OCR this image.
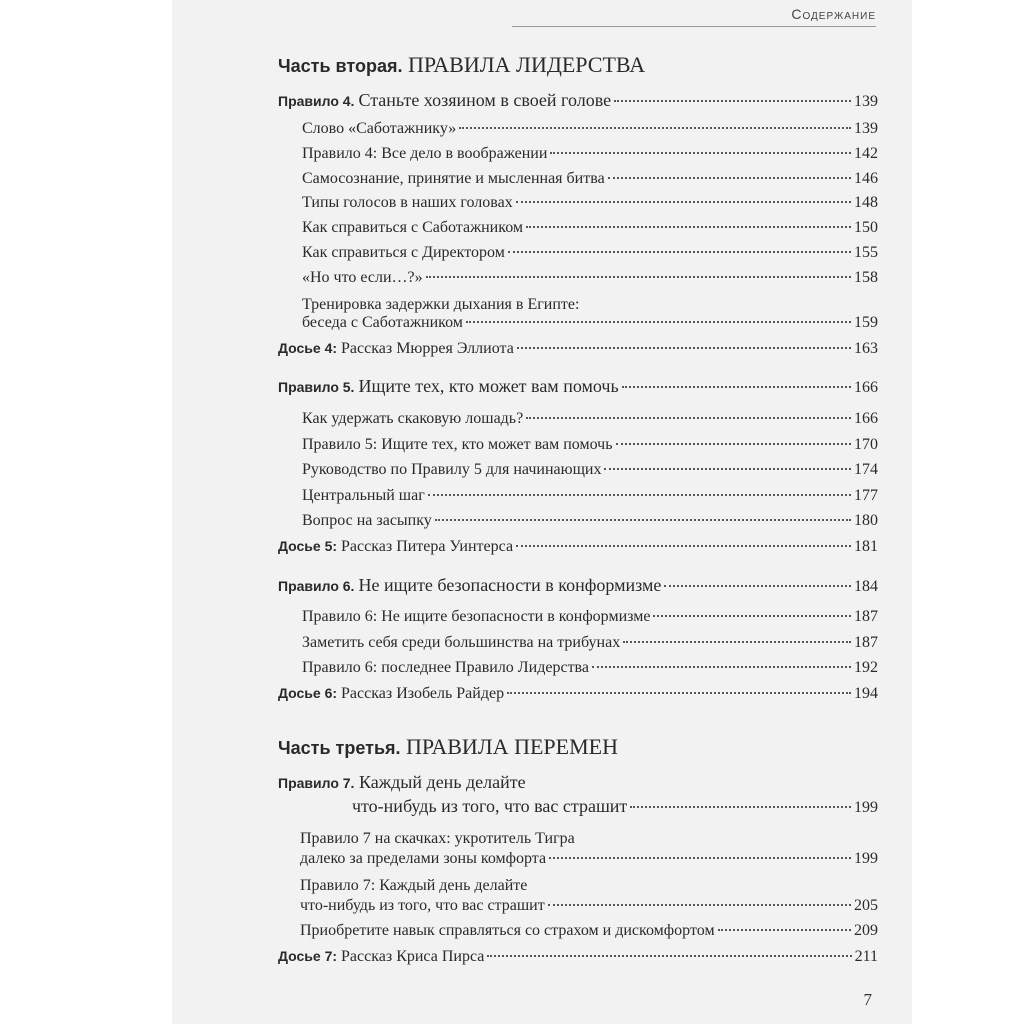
Содержание
Часть вторая. ПРАВИЛА ЛИДЕРСТВА
Правило 4. Станьте хозяином в своей голове	139
Слово «Саботажнику»	139
Правило 4: Все дело в воображении	142
Самосознание, принятие и мысленная битва	146
Типы голосов в наших головах	148
Как справиться с Саботажником	150
Как справиться с Директором	155
«Но что если…?»	158
Тренировка задержки дыхания в Египте:
беседа с Саботажником	159
Досье 4: Рассказ Мюррея Эллиота	163
Правило 5. Ищите тех, кто может вам помочь	166
Как удержать скаковую лошадь?	166
Правило 5: Ищите тех, кто может вам помочь	170
Руководство по Правилу 5 для начинающих	174
Центральный шаг	177
Вопрос на засыпку	180
Досье 5: Рассказ Питера Уинтерса	181
Правило 6. Не ищите безопасности в конформизме	184
Правило 6: Не ищите безопасности в конформизме	187
Заметить себя среди большинства на трибунах	187
Правило 6: последнее Правило Лидерства	192
Досье 6: Рассказ Изобель Райдер	194
Часть третья. ПРАВИЛА ПЕРЕМЕН
Правило 7. Каждый день делайте
что-нибудь из того, что вас страшит	199
Правило 7 на скачках: укротитель Тигра
далеко за пределами зоны комфорта	199
Правило 7: Каждый день делайте
что-нибудь из того, что вас страшит	205
Приобретите навык справляться со страхом и дискомфортом	209
Досье 7: Рассказ Криса Пирса	211
7
